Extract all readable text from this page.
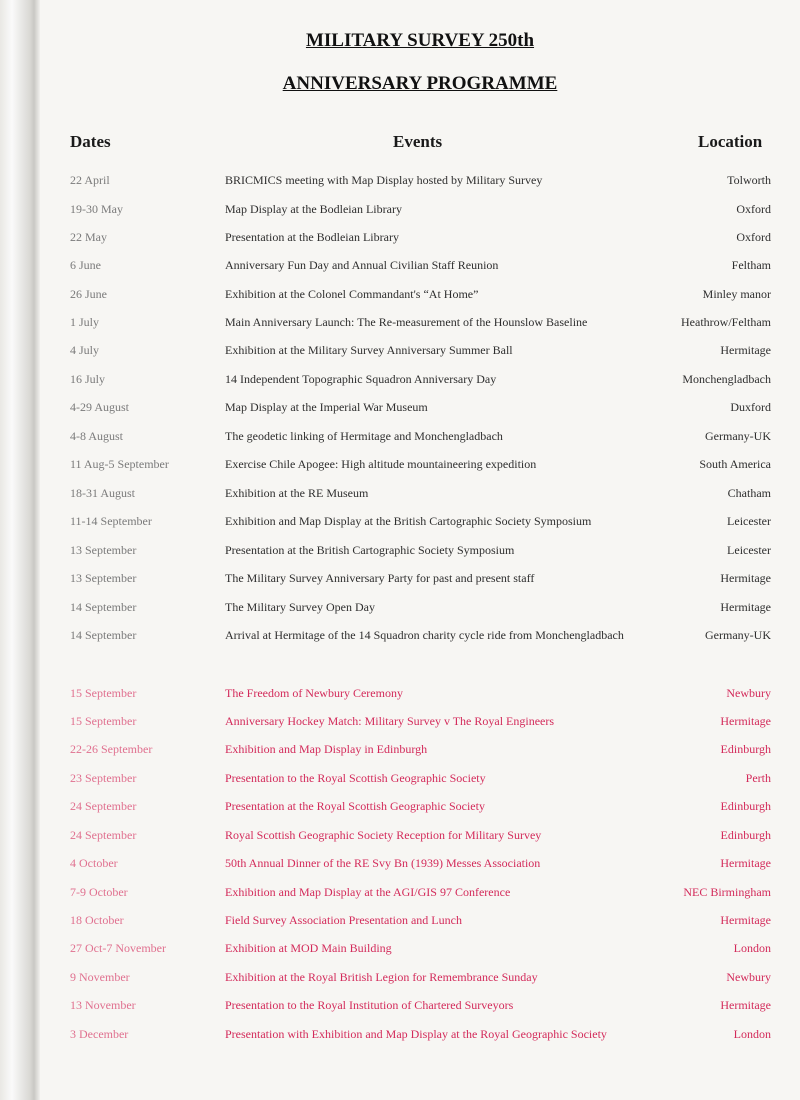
MILITARY SURVEY 250th
ANNIVERSARY PROGRAMME
Dates	Events	Location
22 April	BRICMICS meeting with Map Display hosted by Military Survey	Tolworth
19-30 May	Map Display at the Bodleian Library	Oxford
22 May	Presentation at the Bodleian Library	Oxford
6 June	Anniversary Fun Day and Annual Civilian Staff Reunion	Feltham
26 June	Exhibition at the Colonel Commandant's “At Home”	Minley manor
1 July	Main Anniversary Launch: The Re-measurement of the Hounslow Baseline	Heathrow/Feltham
4 July	Exhibition at the Military Survey Anniversary Summer Ball	Hermitage
16 July	14 Independent Topographic Squadron Anniversary Day	Monchengladbach
4-29 August	Map Display at the Imperial War Museum	Duxford
4-8 August	The geodetic linking of Hermitage and Monchengladbach	Germany-UK
11 Aug-5 September	Exercise Chile Apogee: High altitude mountaineering expedition	South America
18-31 August	Exhibition at the RE Museum	Chatham
11-14 September	Exhibition and Map Display at the British Cartographic Society Symposium	Leicester
13 September	Presentation at the British Cartographic Society Symposium	Leicester
13 September	The Military Survey Anniversary Party for past and present staff	Hermitage
14 September	The Military Survey Open Day	Hermitage
14 September	Arrival at Hermitage of the 14 Squadron charity cycle ride from Monchengladbach	Germany-UK
15 September	The Freedom of Newbury Ceremony	Newbury
15 September	Anniversary Hockey Match: Military Survey v The Royal Engineers	Hermitage
22-26 September	Exhibition and Map Display in Edinburgh	Edinburgh
23 September	Presentation to the Royal Scottish Geographic Society	Perth
24 September	Presentation at the Royal Scottish Geographic Society	Edinburgh
24 September	Royal Scottish Geographic Society Reception for Military Survey	Edinburgh
4 October	50th Annual Dinner of the RE Svy Bn (1939) Messes Association	Hermitage
7-9 October	Exhibition and Map Display at the AGI/GIS 97 Conference	NEC Birmingham
18 October	Field Survey Association Presentation and Lunch	Hermitage
27 Oct-7 November	Exhibition at MOD Main Building	London
9 November	Exhibition at the Royal British Legion for Remembrance Sunday	Newbury
13 November	Presentation to the Royal Institution of Chartered Surveyors	Hermitage
3 December	Presentation with Exhibition and Map Display at the Royal Geographic Society	London
